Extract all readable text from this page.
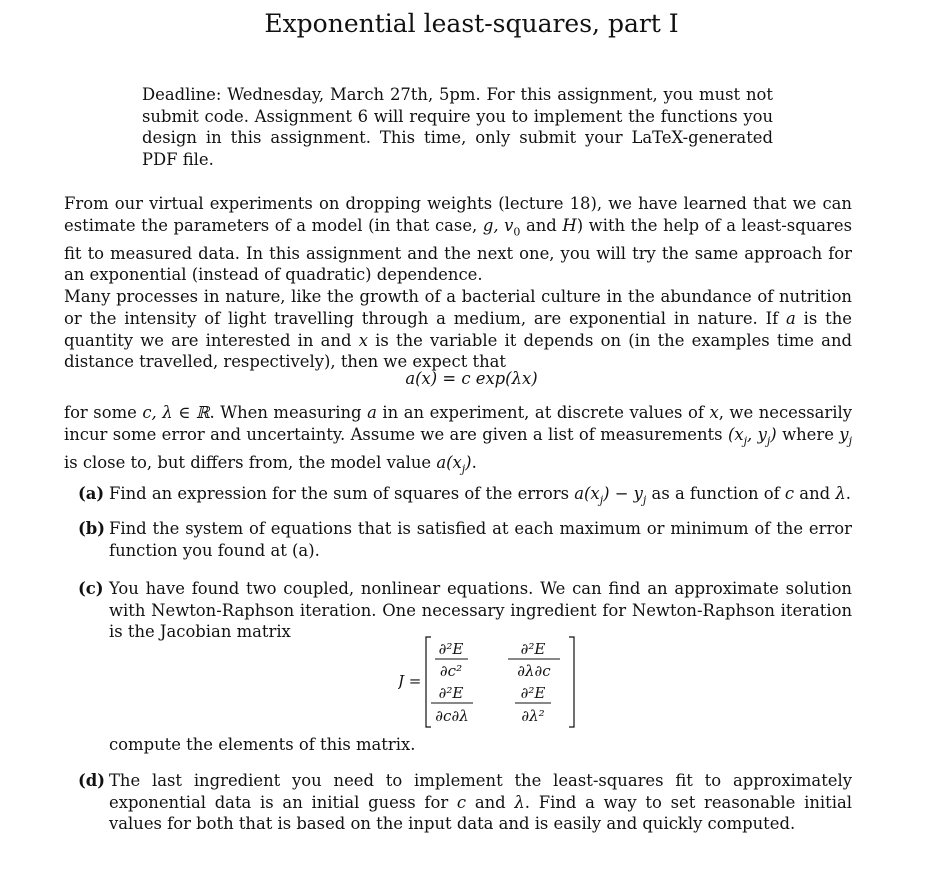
Exponential least-squares, part I

Deadline: Wednesday, March 27th, 5pm. For this assignment, you must not submit code. Assignment 6 will require you to implement the functions you design in this assignment. This time, only submit your LaTeX-generated PDF file.

From our virtual experiments on dropping weights (lecture 18), we have learned that we can estimate the parameters of a model (in that case, g, $v_0$ and H) with the help of a least-squares fit to measured data. In this assignment and the next one, you will try the same approach for an exponential (instead of quadratic) dependence.
Many processes in nature, like the growth of a bacterial culture in the abundance of nutrition or the intensity of light travelling through a medium, are exponential in nature. If a is the quantity we are interested in and x is the variable it depends on (in the examples time and distance travelled, respectively), then we expect that

a(x) = c exp(λx)

for some c, λ ∈ ℝ. When measuring a in an experiment, at discrete values of x, we necessarily incur some error and uncertainty. Assume we are given a list of measurements ($x_j$, $y_j$) where $y_j$ is close to, but differs from, the model value $a(x_j)$.

(a) Find an expression for the sum of squares of the errors $a(x_j) - y_j$ as a function of c and λ.
(b) Find the system of equations that is satisfied at each maximum or minimum of the error function you found at (a).
(c) You have found two coupled, nonlinear equations. We can find an approximate solution with Newton-Raphson iteration. One necessary ingredient for Newton-Raphson iteration is the Jacobian matrix
J =
∂²E
∂c²
∂²E
∂λ∂c
∂²E
∂c∂λ
∂²E
∂λ²
compute the elements of this matrix.
(d) The last ingredient you need to implement the least-squares fit to approximately exponential data is an initial guess for c and λ. Find a way to set reasonable initial values for both that is based on the input data and is easily and quickly computed.
